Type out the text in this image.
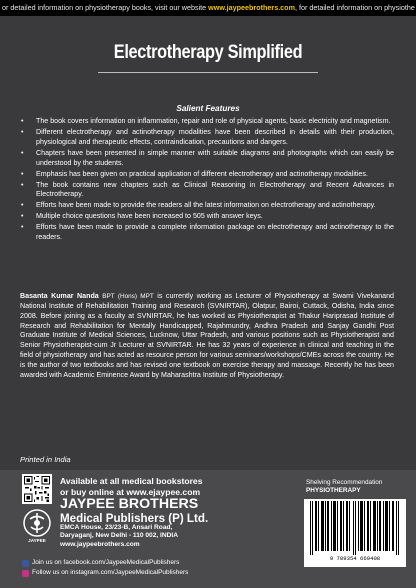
or detailed information on physiotherapy books, visit our website www.jaypeebrothers.com, for detailed information on physiothe
Electrotherapy Simplified
Salient Features
• The book covers information on inflammation, repair and role of physical agents, basic electricity and magnetism.
• Different electrotherapy and actinotherapy modalities have been described in details with their production, physiological and therapeutic effects, contraindication, precautions and dangers.
• Chapters have been presented in simple manner with suitable diagrams and photographs which can easily be understood by the students.
• Emphasis has been given on practical application of different electrotherapy and actinotherapy modalities.
• The book contains new chapters such as Clinical Reasoning in Electrotherapy and Recent Advances in Electrotherapy.
• Efforts have been made to provide the readers all the latest information on electrotherapy and actinotherapy.
• Multiple choice questions have been increased to 505 with answer keys.
• Efforts have been made to provide a complete information package on electrotherapy and actinotherapy to the readers.
Basanta Kumar Nanda BPT (Hons) MPT is currently working as Lecturer of Physiotherapy at Swami Vivekanand National Institute of Rehabilitation Training and Research (SVNIRTAR), Olatpur, Bairoi, Cuttack, Odisha, India since 2008. Before joining as a faculty at SVNIRTAR, he has worked as Physiotherapist at Thakur Hariprasad Institute of Research and Rehabilitation for Mentally Handicapped, Rajahmundry, Andhra Pradesh and Sanjay Gandhi Post Graduate Institute of Medical Sciences, Lucknow, Uttar Pradesh, and various positions such as Physiotherapist and Senior Physiotherapist-cum Jr Lecturer at SVNIRTAR. He has 32 years of experience in clinical and teaching in the field of physiotherapy and has acted as resource person for various seminars/workshops/CMEs across the country. He is the author of two textbooks and has revised one textbook on exercise therapy and massage. Recently he has been awarded with Academic Eminence Award by Maharashtra Institute of Physiotherapy.
Printed in India
Available at all medical bookstores
or buy online at www.ejaypee.com
JAYPEE
JAYPEE BROTHERS
Medical Publishers (P) Ltd.
EMCA House, 23/23-B, Ansari Road,
Daryaganj, New Delhi - 110 002, INDIA
www.jaypeebrothers.com
Join us on facebook.com/JaypeeMedicalPublishers
Follow us on instagram.com/JaypeeMedicalPublishers
Shelving Recommendation
PHYSIOTHERAPY
9 789354 669408
